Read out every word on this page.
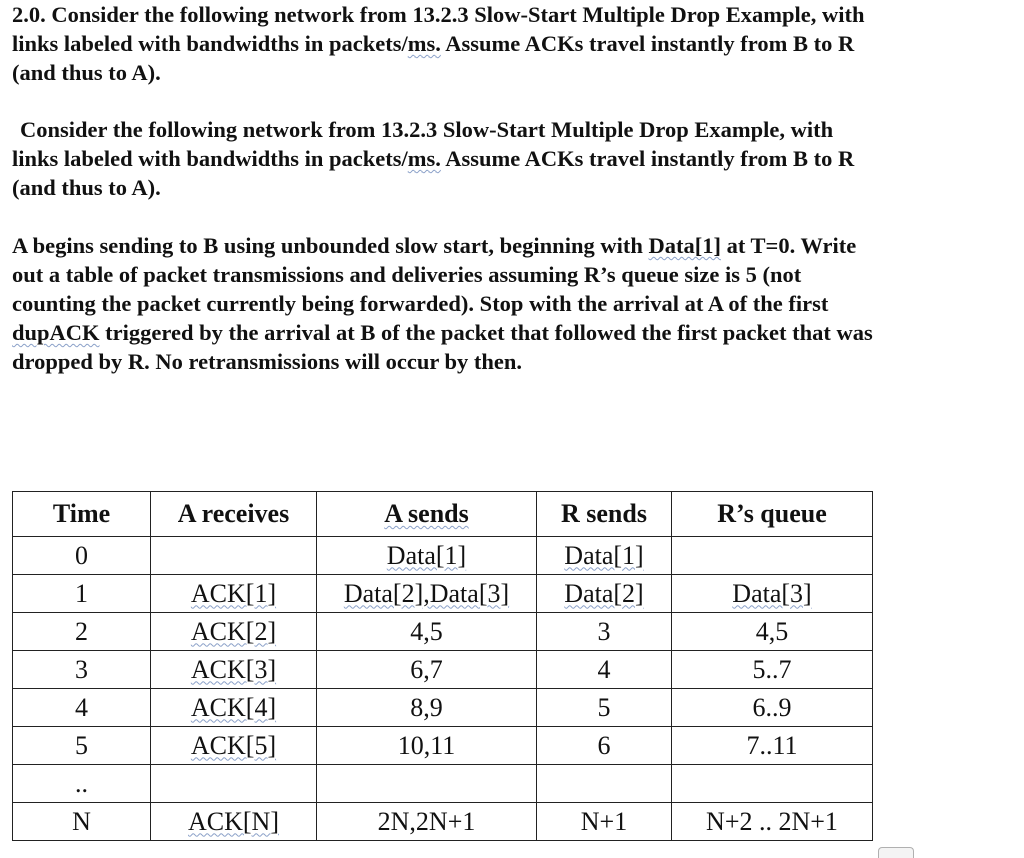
2.0. Consider the following network from 13.2.3 Slow-Start Multiple Drop Example, with
links labeled with bandwidths in packets/ms. Assume ACKs travel instantly from B to R
(and thus to A).

Consider the following network from 13.2.3 Slow-Start Multiple Drop Example, with
links labeled with bandwidths in packets/ms. Assume ACKs travel instantly from B to R
(and thus to A).

A begins sending to B using unbounded slow start, beginning with Data[1] at T=0. Write
out a table of packet transmissions and deliveries assuming R’s queue size is 5 (not
counting the packet currently being forwarded). Stop with the arrival at A of the first
dupACK triggered by the arrival at B of the packet that followed the first packet that was
dropped by R. No retransmissions will occur by then.

Time	A receives	A sends	R sends	R’s queue
0		Data[1]	Data[1]	
1	ACK[1]	Data[2],Data[3]	Data[2]	Data[3]
2	ACK[2]	4,5	3	4,5
3	ACK[3]	6,7	4	5..7
4	ACK[4]	8,9	5	6..9
5	ACK[5]	10,11	6	7..11
..				
N	ACK[N]	2N,2N+1	N+1	N+2 .. 2N+1
